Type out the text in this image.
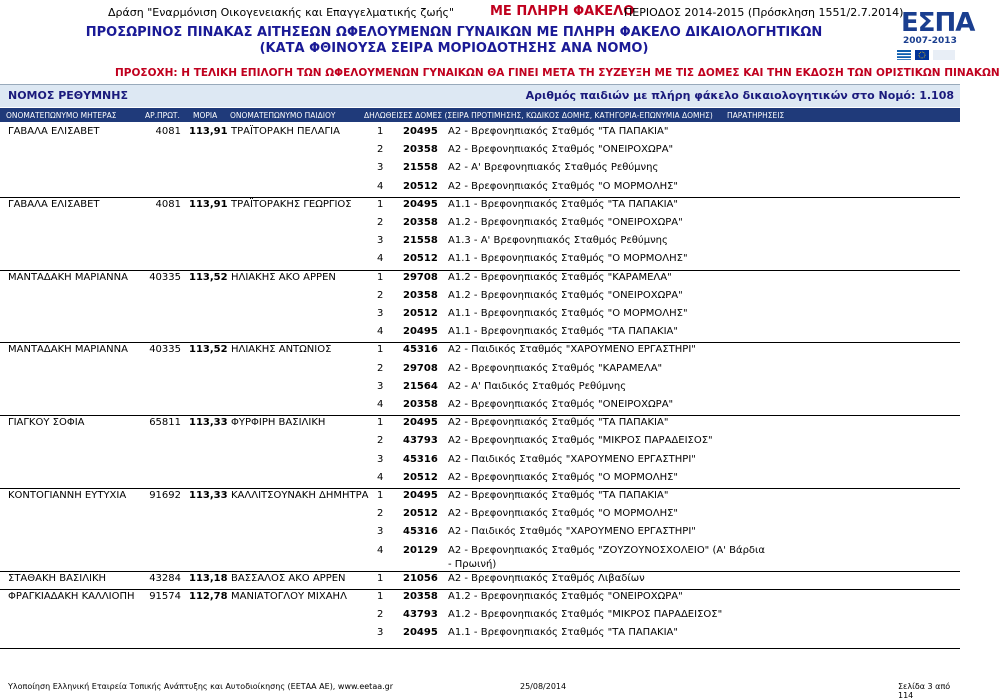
Δράση "Εναρμόνιση Οικογενειακής και Επαγγελματικής ζωής"	ΜΕ ΠΛΗΡΗ ΦΑΚΕΛΟ
ΠΕΡΙΟΔΟΣ 2014-2015 (Πρόσκληση 1551/2.7.2014)
ΕΣΠΑ
2007-2013
ΠΡΟΣΩΡΙΝΟΣ ΠΙΝΑΚΑΣ ΑΙΤΗΣΕΩΝ ΩΦΕΛΟΥΜΕΝΩΝ ΓΥΝΑΙΚΩΝ ΜΕ ΠΛΗΡΗ ΦΑΚΕΛΟ ΔΙΚΑΙΟΛΟΓΗΤΙΚΩΝ
(ΚΑΤΑ ΦΘΙΝΟΥΣΑ ΣΕΙΡΑ ΜΟΡΙΟΔΟΤΗΣΗΣ ΑΝΑ ΝΟΜΟ)
ΠΡΟΣΟΧΗ: Η ΤΕΛΙΚΗ ΕΠΙΛΟΓΗ ΤΩΝ ΩΦΕΛΟΥΜΕΝΩΝ ΓΥΝΑΙΚΩΝ ΘΑ ΓΙΝΕΙ ΜΕΤΑ ΤΗ ΣΥΖΕΥΞΗ ΜΕ ΤΙΣ ΔΟΜΕΣ ΚΑΙ ΤΗΝ ΕΚΔΟΣΗ ΤΩΝ ΟΡΙΣΤΙΚΩΝ ΠΙΝΑΚΩΝ
ΝΟΜΟΣ ΡΕΘΥΜΝΗΣ	Αριθμός παιδιών με πλήρη φάκελο δικαιολογητικών στο Νομό: 1.108
ΟΝΟΜΑΤΕΠΩΝΥΜΟ ΜΗΤΕΡΑΣ	ΑΡ.ΠΡΩΤ. ΜΟΡΙΑ ΟΝΟΜΑΤΕΠΩΝΥΜΟ ΠΑΙΔΙΟΥ	ΔΗΛΩΘΕΙΣΕΣ ΔΟΜΕΣ (ΣΕΙΡΑ ΠΡΟΤΙΜΗΣΗΣ, ΚΩΔΙΚΟΣ ΔΟΜΗΣ, ΚΑΤΗΓΟΡΙΑ-ΕΠΩΝΥΜΙΑ ΔΟΜΗΣ) ΠΑΡΑΤΗΡΗΣΕΙΣ
ΓΑΒΑΛΑ ΕΛΙΣΑΒΕΤ	4081 113,91 ΤΡΑΪΤΟΡΑΚΗ ΠΕΛΑΓΙΑ	1 20495 Α2 - Βρεφονηπιακός Σταθμός "ΤΑ ΠΑΠΑΚΙΑ"
2 20358 Α2 - Βρεφονηπιακός Σταθμός "ΟΝΕΙΡΟΧΩΡΑ"
3 21558 Α2 - Α' Βρεφονηπιακός Σταθμός Ρεθύμνης
4 20512 Α2 - Βρεφονηπιακός Σταθμός "Ο ΜΟΡΜΟΛΗΣ"
ΓΑΒΑΛΑ ΕΛΙΣΑΒΕΤ	4081 113,91 ΤΡΑΪΤΟΡΑΚΗΣ ΓΕΩΡΓΙΟΣ	1 20495 Α1.1 - Βρεφονηπιακός Σταθμός "ΤΑ ΠΑΠΑΚΙΑ"
2 20358 Α1.2 - Βρεφονηπιακός Σταθμός "ΟΝΕΙΡΟΧΩΡΑ"
3 21558 Α1.3 - Α' Βρεφονηπιακός Σταθμός Ρεθύμνης
4 20512 Α1.1 - Βρεφονηπιακός Σταθμός "Ο ΜΟΡΜΟΛΗΣ"
ΜΑΝΤΑΔΑΚΗ ΜΑΡΙΑΝΝΑ	40335 113,52 ΗΛΙΑΚΗΣ ΑΚΟ ΑΡΡΕΝ	1 29708 Α1.2 - Βρεφονηπιακός Σταθμός "ΚΑΡΑΜΕΛΑ"
2 20358 Α1.2 - Βρεφονηπιακός Σταθμός "ΟΝΕΙΡΟΧΩΡΑ"
3 20512 Α1.1 - Βρεφονηπιακός Σταθμός "Ο ΜΟΡΜΟΛΗΣ"
4 20495 Α1.1 - Βρεφονηπιακός Σταθμός "ΤΑ ΠΑΠΑΚΙΑ"
ΜΑΝΤΑΔΑΚΗ ΜΑΡΙΑΝΝΑ	40335 113,52 ΗΛΙΑΚΗΣ ΑΝΤΩΝΙΟΣ	1 45316 Α2 - Παιδικός Σταθμός "ΧΑΡΟΥΜΕΝΟ ΕΡΓΑΣΤΗΡΙ"
2 29708 Α2 - Βρεφονηπιακός Σταθμός "ΚΑΡΑΜΕΛΑ"
3 21564 Α2 - Α' Παιδικός Σταθμός Ρεθύμνης
4 20358 Α2 - Βρεφονηπιακός Σταθμός "ΟΝΕΙΡΟΧΩΡΑ"
ΓΙΑΓΚΟΥ ΣΟΦΙΑ	65811 113,33 ΦΥΡΦΙΡΗ ΒΑΣΙΛΙΚΗ	1 20495 Α2 - Βρεφονηπιακός Σταθμός "ΤΑ ΠΑΠΑΚΙΑ"
2 43793 Α2 - Βρεφονηπιακός Σταθμός "ΜΙΚΡΟΣ ΠΑΡΑΔΕΙΣΟΣ"
3 45316 Α2 - Παιδικός Σταθμός "ΧΑΡΟΥΜΕΝΟ ΕΡΓΑΣΤΗΡΙ"
4 20512 Α2 - Βρεφονηπιακός Σταθμός "Ο ΜΟΡΜΟΛΗΣ"
ΚΟΝΤΟΓΙΑΝΝΗ ΕΥΤΥΧΙΑ	91692 113,33 ΚΑΛΛΙΤΣΟΥΝΑΚΗ ΔΗΜΗΤΡΑ 1 20495 Α2 - Βρεφονηπιακός Σταθμός "ΤΑ ΠΑΠΑΚΙΑ"
2 20512 Α2 - Βρεφονηπιακός Σταθμός "Ο ΜΟΡΜΟΛΗΣ"
3 45316 Α2 - Παιδικός Σταθμός "ΧΑΡΟΥΜΕΝΟ ΕΡΓΑΣΤΗΡΙ"
4 20129 Α2 - Βρεφονηπιακός Σταθμός "ΖΟΥΖΟΥΝΟΣΧΟΛΕΙΟ" (Α' Βάρδια
- Πρωινή)
ΣΤΑΘΑΚΗ ΒΑΣΙΛΙΚΗ	43284 113,18 ΒΑΣΣΑΛΟΣ ΑΚΟ ΑΡΡΕΝ	1 21056 Α2 - Βρεφονηπιακός Σταθμός Λιβαδίων
ΦΡΑΓΚΙΑΔΑΚΗ ΚΑΛΛΙΟΠΗ	91574 112,78 ΜΑΝΙΑΤΟΓΛΟΥ ΜΙΧΑΗΛ	1 20358 Α1.2 - Βρεφονηπιακός Σταθμός "ΟΝΕΙΡΟΧΩΡΑ"
2 43793 Α1.2 - Βρεφονηπιακός Σταθμός "ΜΙΚΡΟΣ ΠΑΡΑΔΕΙΣΟΣ"
3 20495 Α1.1 - Βρεφονηπιακός Σταθμός "ΤΑ ΠΑΠΑΚΙΑ"
Υλοποίηση Ελληνική Εταιρεία Τοπικής Ανάπτυξης και Αυτοδιοίκησης (ΕΕΤΑΑ ΑΕ), www.eetaa.gr	25/08/2014	Σελίδα 3 από 114
